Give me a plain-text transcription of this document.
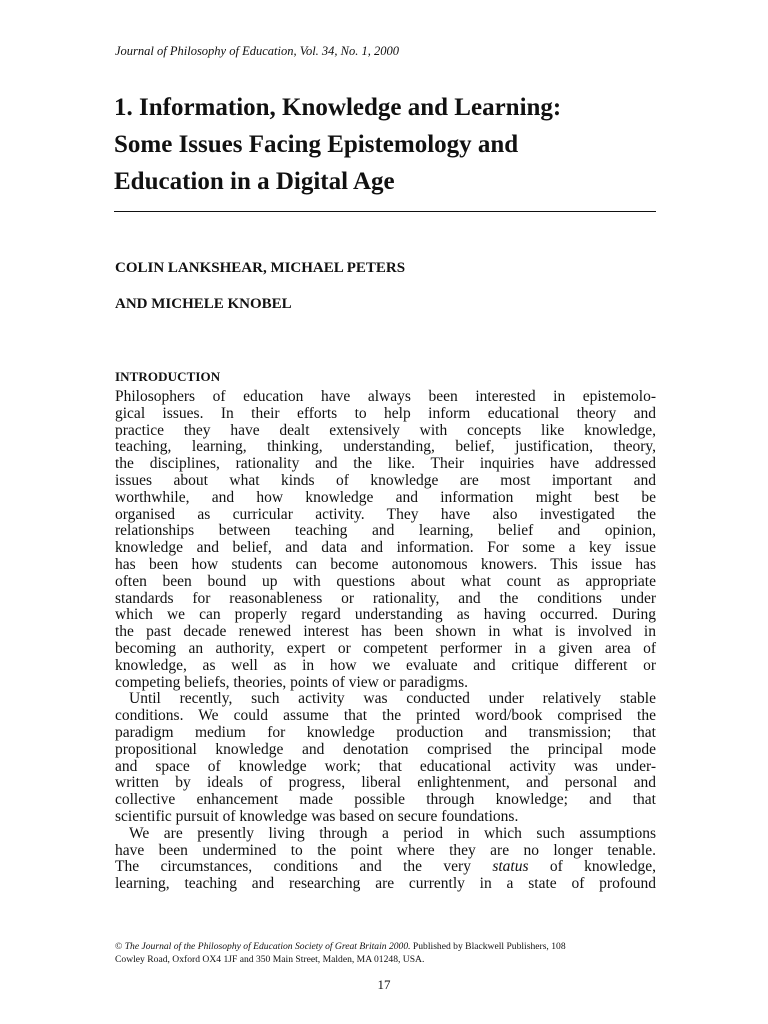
Journal of Philosophy of Education, Vol. 34, No. 1, 2000
1. Information, Knowledge and Learning:
Some Issues Facing Epistemology and
Education in a Digital Age
COLIN LANKSHEAR, MICHAEL PETERS
AND MICHELE KNOBEL
INTRODUCTION
Philosophers of education have always been interested in epistemolo-
gical issues. In their efforts to help inform educational theory and
practice they have dealt extensively with concepts like knowledge,
teaching, learning, thinking, understanding, belief, justification, theory,
the disciplines, rationality and the like. Their inquiries have addressed
issues about what kinds of knowledge are most important and
worthwhile, and how knowledge and information might best be
organised as curricular activity. They have also investigated the
relationships between teaching and learning, belief and opinion,
knowledge and belief, and data and information. For some a key issue
has been how students can become autonomous knowers. This issue has
often been bound up with questions about what count as appropriate
standards for reasonableness or rationality, and the conditions under
which we can properly regard understanding as having occurred. During
the past decade renewed interest has been shown in what is involved in
becoming an authority, expert or competent performer in a given area of
knowledge, as well as in how we evaluate and critique different or
competing beliefs, theories, points of view or paradigms.
Until recently, such activity was conducted under relatively stable
conditions. We could assume that the printed word/book comprised the
paradigm medium for knowledge production and transmission; that
propositional knowledge and denotation comprised the principal mode
and space of knowledge work; that educational activity was under-
written by ideals of progress, liberal enlightenment, and personal and
collective enhancement made possible through knowledge; and that
scientific pursuit of knowledge was based on secure foundations.
We are presently living through a period in which such assumptions
have been undermined to the point where they are no longer tenable.
The circumstances, conditions and the very status of knowledge,
learning, teaching and researching are currently in a state of profound
© The Journal of the Philosophy of Education Society of Great Britain 2000. Published by Blackwell Publishers, 108
Cowley Road, Oxford OX4 1JF and 350 Main Street, Malden, MA 01248, USA.
17
